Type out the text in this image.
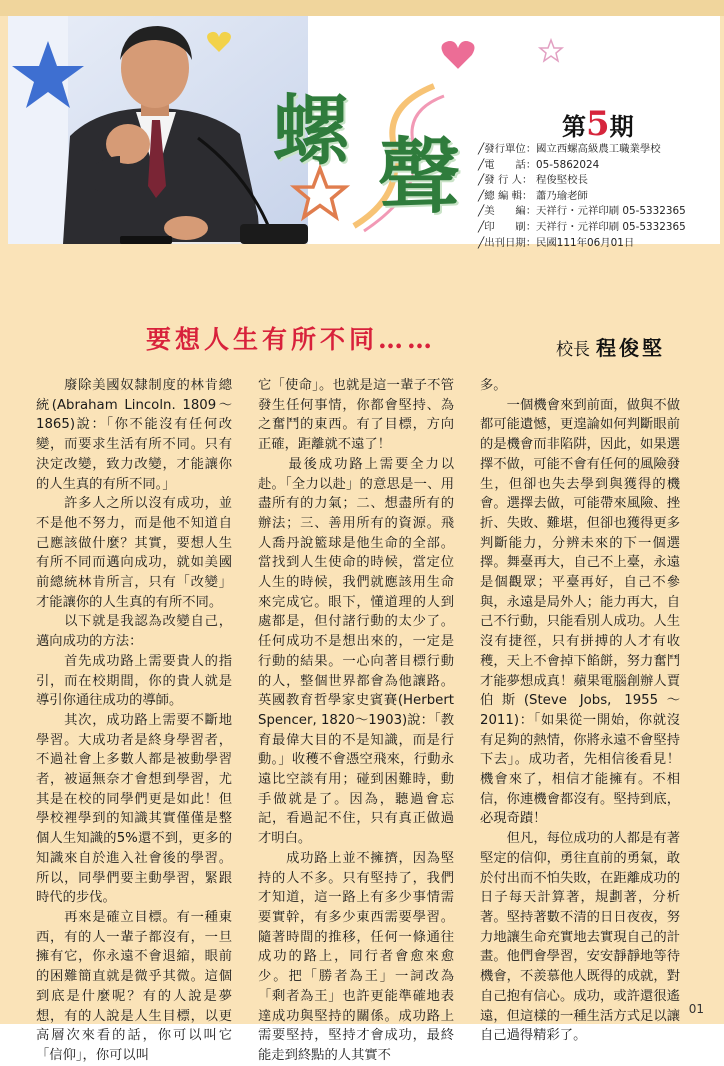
螺 聲
第5期
╱發行單位： 國立西螺高級農工職業學校
╱電　　話： 05-5862024
╱發 行 人： 程俊堅校長
╱總 編 輯： 蕭乃瑜老師
╱美　　編： 天祥行・元祥印刷 05-5332365
╱印　　刷： 天祥行・元祥印刷 05-5332365
╱出刊日期： 民國111年06月01日
要想人生有所不同……	校長 程俊堅

　　廢除美國奴隸制度的林肯總統(Abraham Lincoln. 1809～1865)說：「你不能沒有任何改變，而要求生活有所不同。只有決定改變，致力改變，才能讓你的人生真的有所不同。」

　　許多人之所以沒有成功，並不是他不努力，而是他不知道自己應該做什麼？其實，要想人生有所不同而邁向成功，就如美國前總統林肯所言，只有「改變」才能讓你的人生真的有所不同。

　　以下就是我認為改變自己，邁向成功的方法：

　　首先成功路上需要貴人的指引，而在校期間，你的貴人就是導引你通往成功的導師。

　　其次，成功路上需要不斷地學習。大成功者是終身學習者，不過社會上多數人都是被動學習者，被逼無奈才會想到學習，尤其是在校的同學們更是如此！但學校裡學到的知識其實僅僅是整個人生知識的5%還不到，更多的知識來自於進入社會後的學習。所以，同學們要主動學習，緊跟時代的步伐。

　　再來是確立目標。有一種東西，有的人一輩子都沒有，一旦擁有它，你永遠不會退縮，眼前的困難簡直就是微乎其微。這個到底是什麼呢？有的人說是夢想，有的人說是人生目標，以更高層次來看的話，你可以叫它「信仰」，你可以叫

它「使命」。也就是這一輩子不管發生任何事情，你都會堅持、為之奮鬥的東西。有了目標，方向正確，距離就不遠了！

　　最後成功路上需要全力以赴。「全力以赴」的意思是一、用盡所有的力氣；二、想盡所有的辦法；三、善用所有的資源。飛人喬丹說籃球是他生命的全部。當找到人生使命的時候，當定位人生的時候，我們就應該用生命來完成它。眼下，懂道理的人到處都是，但付諸行動的太少了。任何成功不是想出來的，一定是行動的結果。一心向著目標行動的人，整個世界都會為他讓路。英國教育哲學家史賓賽(Herbert Spencer, 1820～1903)說：「教育最偉大目的不是知識，而是行動。」收穫不會憑空飛來，行動永遠比空談有用；碰到困難時，動手做就是了。因為，聽過會忘記，看過記不住，只有真正做過才明白。

　　成功路上並不擁擠，因為堅持的人不多。只有堅持了，我們才知道，這一路上有多少事情需要實幹，有多少東西需要學習。隨著時間的推移，任何一條通往成功的路上，同行者會愈來愈少。把「勝者為王」一詞改為「剩者為王」也許更能準確地表達成功與堅持的關係。成功路上需要堅持，堅持才會成功，最終能走到終點的人其實不

多。

　　一個機會來到前面，做與不做都可能遺憾，更遑論如何判斷眼前的是機會而非陷阱，因此，如果選擇不做，可能不會有任何的風險發生，但卻也失去學到與獲得的機會。選擇去做，可能帶來風險、挫折、失敗、難堪，但卻也獲得更多判斷能力，分辨未來的下一個選擇。舞臺再大，自己不上臺，永遠是個觀眾；平臺再好，自己不參與，永遠是局外人；能力再大，自己不行動，只能看別人成功。人生沒有捷徑，只有拼搏的人才有收穫，天上不會掉下餡餅，努力奮鬥才能夢想成真！蘋果電腦創辦人賈伯斯(Steve Jobs, 1955～2011)：「如果從一開始，你就沒有足夠的熱情，你將永遠不會堅持下去」。成功者，先相信後看見！機會來了，相信才能擁有。不相信，你連機會都沒有。堅持到底，必現奇蹟！

　　但凡，每位成功的人都是有著堅定的信仰，勇往直前的勇氣，敢於付出而不怕失敗，在距離成功的日子每天計算著，規劃著，分析著。堅持著數不清的日日夜夜，努力地讓生命充實地去實現自己的計畫。他們會學習，安安靜靜地等待機會，不羨慕他人既得的成就，對自己抱有信心。成功，或許還很遙遠，但這樣的一種生活方式足以讓自己過得精彩了。

01
